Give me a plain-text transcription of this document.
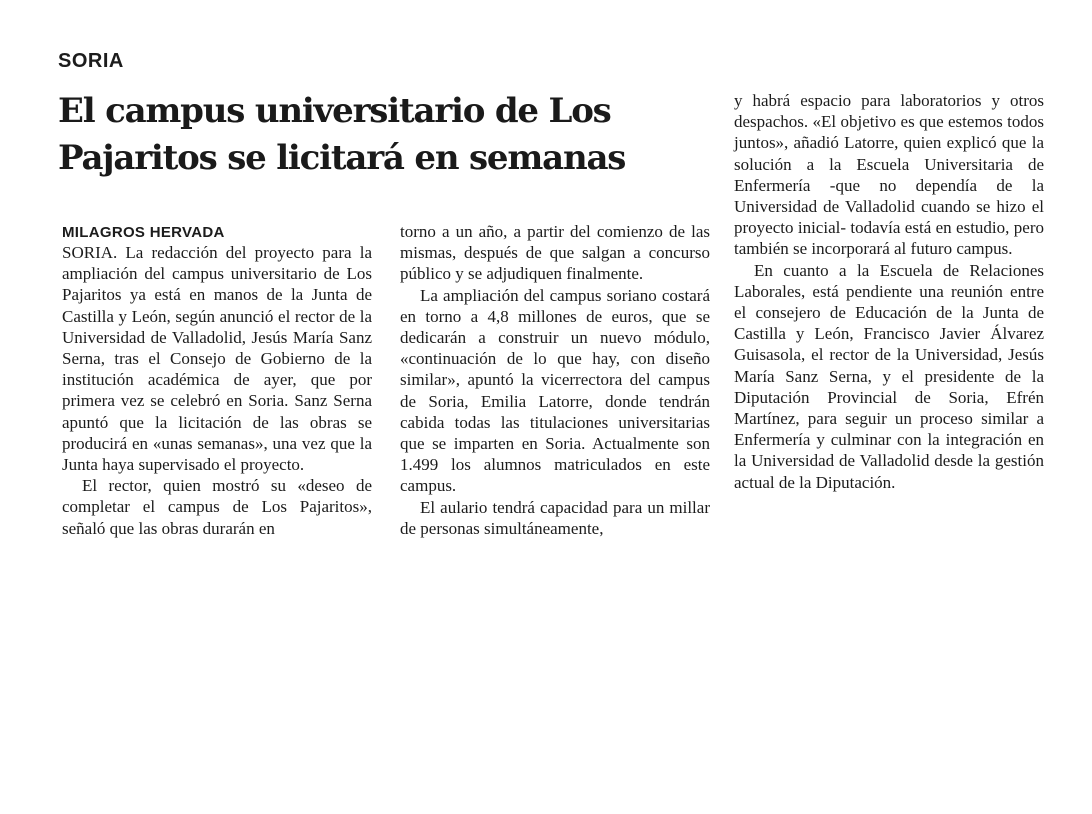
SORIA
El campus universitario de Los
Pajaritos se licitará en semanas
MILAGROS HERVADA

SORIA. La redacción del proyecto para la ampliación del campus universitario de Los Pajaritos ya está en manos de la Junta de Castilla y León, según anunció el rector de la Universidad de Valladolid, Jesús María Sanz Serna, tras el Consejo de Gobierno de la institución académica de ayer, que por primera vez se celebró en Soria. Sanz Serna apuntó que la licitación de las obras se producirá en «unas semanas», una vez que la Junta haya supervisado el proyecto.

El rector, quien mostró su «deseo de completar el campus de Los Pajaritos», señaló que las obras durarán en

torno a un año, a partir del comienzo de las mismas, después de que salgan a concurso público y se adjudiquen finalmente.

La ampliación del campus soriano costará en torno a 4,8 millones de euros, que se dedicarán a construir un nuevo módulo, «continuación de lo que hay, con diseño similar», apuntó la vicerrectora del campus de Soria, Emilia Latorre, donde tendrán cabida todas las titulaciones universitarias que se imparten en Soria. Actualmente son 1.499 los alumnos matriculados en este campus.

El aulario tendrá capacidad para un millar de personas simultáneamente,

y habrá espacio para laboratorios y otros despachos. «El objetivo es que estemos todos juntos», añadió Latorre, quien explicó que la solución a la Escuela Universitaria de Enfermería -que no dependía de la Universidad de Valladolid cuando se hizo el proyecto inicial- todavía está en estudio, pero también se incorporará al futuro campus.

En cuanto a la Escuela de Relaciones Laborales, está pendiente una reunión entre el consejero de Educación de la Junta de Castilla y León, Francisco Javier Álvarez Guisasola, el rector de la Universidad, Jesús María Sanz Serna, y el presidente de la Diputación Provincial de Soria, Efrén Martínez, para seguir un proceso similar a Enfermería y culminar con la integración en la Universidad de Valladolid desde la gestión actual de la Diputación.
